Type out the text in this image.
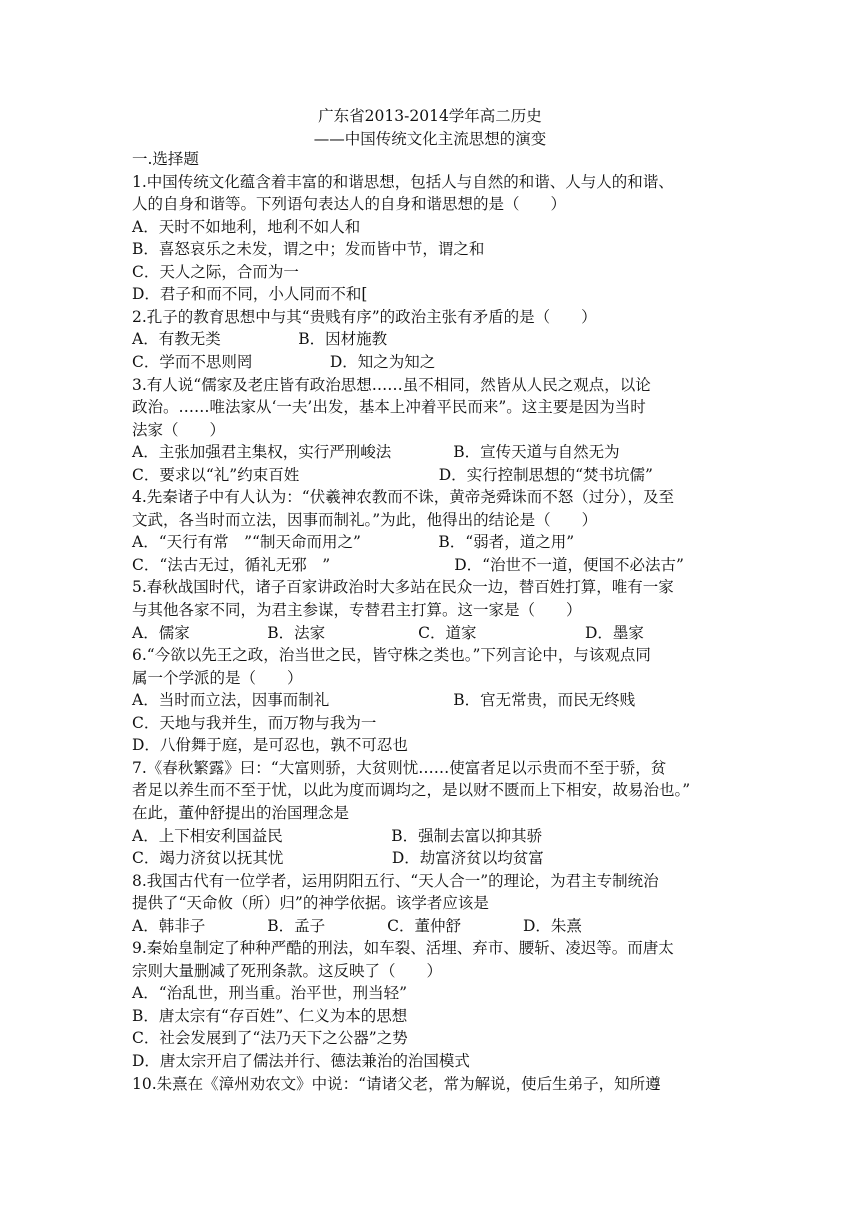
广东省2013-2014学年高二历史
——中国传统文化主流思想的演变
一.选择题
1.中国传统文化蕴含着丰富的和谐思想，包括人与自然的和谐、人与人的和谐、
人的自身和谐等。下列语句表达人的自身和谐思想的是（　　）
A．天时不如地利，地利不如人和
B．喜怒哀乐之未发，谓之中；发而皆中节，谓之和
C．天人之际，合而为一
D．君子和而不同，小人同而不和[
2.孔子的教育思想中与其“贵贱有序”的政治主张有矛盾的是（　　）
A．有教无类　　　　　B．因材施教
C．学而不思则罔　　　　　D．知之为知之
3.有人说“儒家及老庄皆有政治思想……虽不相同，然皆从人民之观点，以论
政治。……唯法家从‘一夫’出发，基本上冲着平民而来”。这主要是因为当时
法家（　　）
A．主张加强君主集权，实行严刑峻法　　　　B．宣传天道与自然无为
C．要求以“礼”约束百姓　　　　　　　　　D．实行控制思想的“焚书坑儒”
4.先秦诸子中有人认为：“伏羲神农教而不诛，黄帝尧舜诛而不怒（过分），及至
文武，各当时而立法，因事而制礼。”为此，他得出的结论是（　　）
A．“天行有常　”“制天命而用之”　　　　　B．“弱者，道之用”
C．“法古无过，循礼无邪　”　　　　　　　　D．“治世不一道，便国不必法古”
5.春秋战国时代，诸子百家讲政治时大多站在民众一边，替百姓打算，唯有一家
与其他各家不同，为君主参谋，专替君主打算。这一家是（　　）
A．儒家　　　　　B．法家　　　　　　C．道家　　　　　　　D．墨家
6.“今欲以先王之政，治当世之民，皆守株之类也。”下列言论中，与该观点同
属一个学派的是（　　）
A．当时而立法，因事而制礼　　　　　　　　B．官无常贵，而民无终贱
C．天地与我并生，而万物与我为一
D．八佾舞于庭，是可忍也，孰不可忍也
7.《春秋繁露》曰：“大富则骄，大贫则忧……使富者足以示贵而不至于骄，贫
者足以养生而不至于忧，以此为度而调均之，是以财不匮而上下相安，故易治也。”
在此，董仲舒提出的治国理念是
A．上下相安利国益民　　　　　　　B．强制去富以抑其骄
C．竭力济贫以抚其忧　　　　　　　D．劫富济贫以均贫富
8.我国古代有一位学者，运用阴阳五行、“天人合一”的理论，为君主专制统治
提供了“天命攸（所）归”的神学依据。该学者应该是
A．韩非子　　　　B．孟子　　　　C．董仲舒　　　　D．朱熹
9.秦始皇制定了种种严酷的刑法，如车裂、活埋、弃市、腰斩、凌迟等。而唐太
宗则大量删减了死刑条款。这反映了（　　）
A．“治乱世，刑当重。治平世，刑当轻”
B．唐太宗有“存百姓”、仁义为本的思想
C．社会发展到了“法乃天下之公器”之势
D．唐太宗开启了儒法并行、德法兼治的治国模式
10.朱熹在《漳州劝农文》中说：“请诸父老，常为解说，使后生弟子，知所遵
